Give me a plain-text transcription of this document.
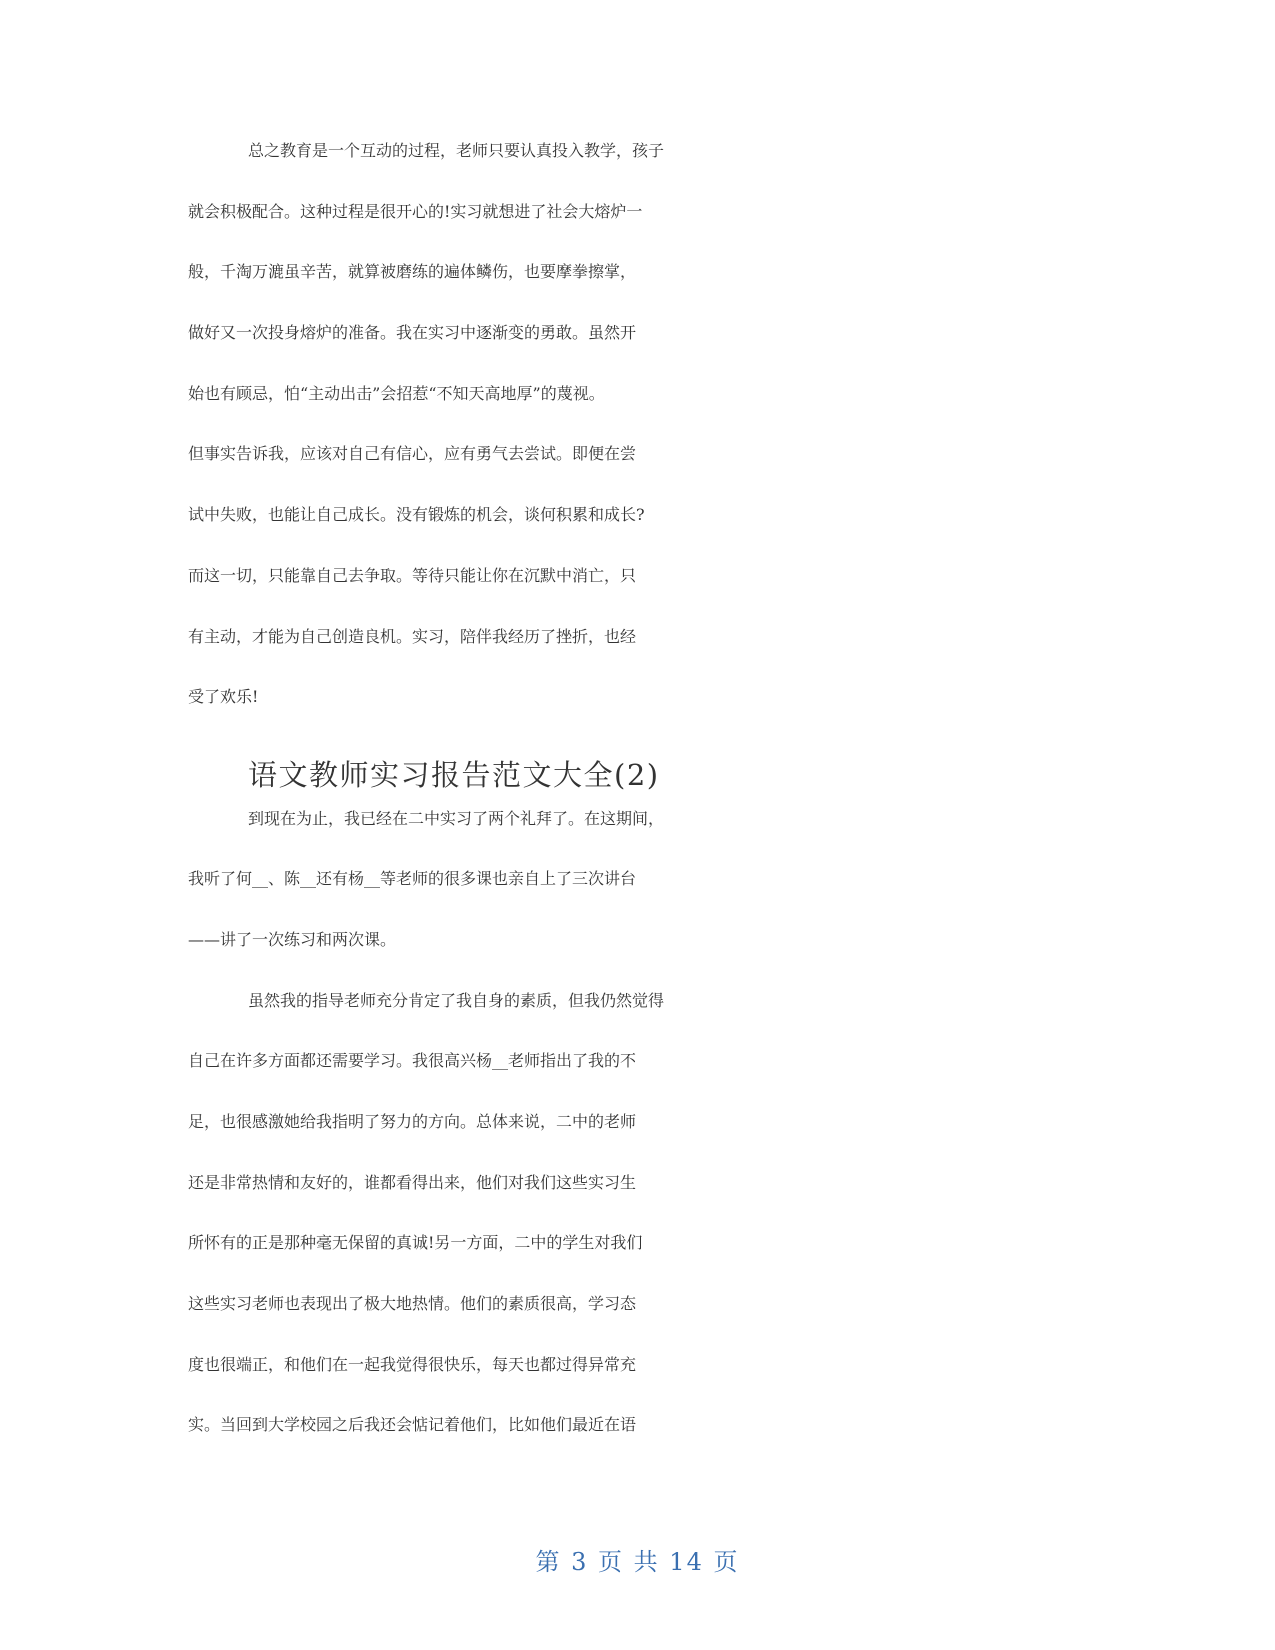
总之教育是一个互动的过程，老师只要认真投入教学，孩子
就会积极配合。这种过程是很开心的!实习就想进了社会大熔炉一
般，千淘万漉虽辛苦，就算被磨练的遍体鳞伤，也要摩拳擦掌，
做好又一次投身熔炉的准备。我在实习中逐渐变的勇敢。虽然开
始也有顾忌，怕“主动出击”会招惹“不知天高地厚”的蔑视。
但事实告诉我，应该对自己有信心，应有勇气去尝试。即便在尝
试中失败，也能让自己成长。没有锻炼的机会，谈何积累和成长?
而这一切，只能靠自己去争取。等待只能让你在沉默中消亡，只
有主动，才能为自己创造良机。实习，陪伴我经历了挫折，也经
受了欢乐!
语文教师实习报告范文大全(2)
到现在为止，我已经在二中实习了两个礼拜了。在这期间，
我听了何__、陈__还有杨__等老师的很多课也亲自上了三次讲台
——讲了一次练习和两次课。
虽然我的指导老师充分肯定了我自身的素质，但我仍然觉得
自己在许多方面都还需要学习。我很高兴杨__老师指出了我的不
足，也很感激她给我指明了努力的方向。总体来说，二中的老师
还是非常热情和友好的，谁都看得出来，他们对我们这些实习生
所怀有的正是那种毫无保留的真诚!另一方面，二中的学生对我们
这些实习老师也表现出了极大地热情。他们的素质很高，学习态
度也很端正，和他们在一起我觉得很快乐，每天也都过得异常充
实。当回到大学校园之后我还会惦记着他们，比如他们最近在语
第 3 页 共 14 页
